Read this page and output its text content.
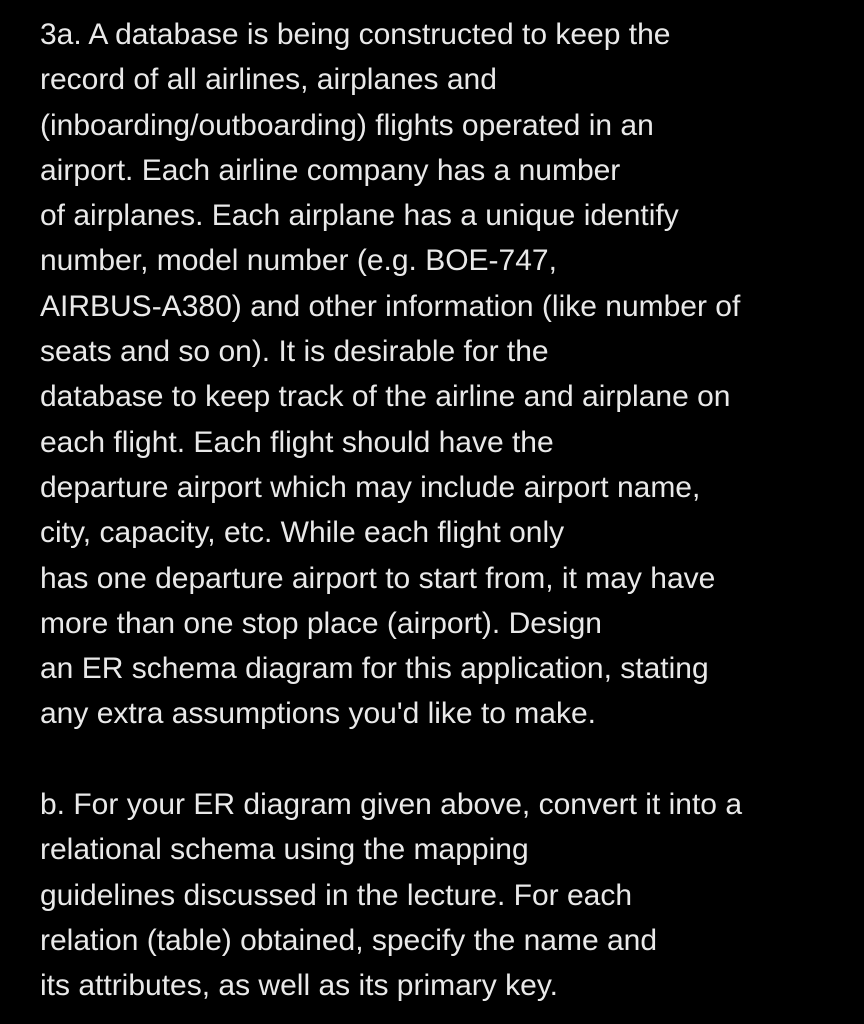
3a. A database is being constructed to keep the
record of all airlines, airplanes and
(inboarding/outboarding) flights operated in an
airport. Each airline company has a number
of airplanes. Each airplane has a unique identify
number, model number (e.g. BOE-747,
AIRBUS-A380) and other information (like number of
seats and so on). It is desirable for the
database to keep track of the airline and airplane on
each flight. Each flight should have the
departure airport which may include airport name,
city, capacity, etc. While each flight only
has one departure airport to start from, it may have
more than one stop place (airport). Design
an ER schema diagram for this application, stating
any extra assumptions you'd like to make.
b. For your ER diagram given above, convert it into a
relational schema using the mapping
guidelines discussed in the lecture. For each
relation (table) obtained, specify the name and
its attributes, as well as its primary key.
